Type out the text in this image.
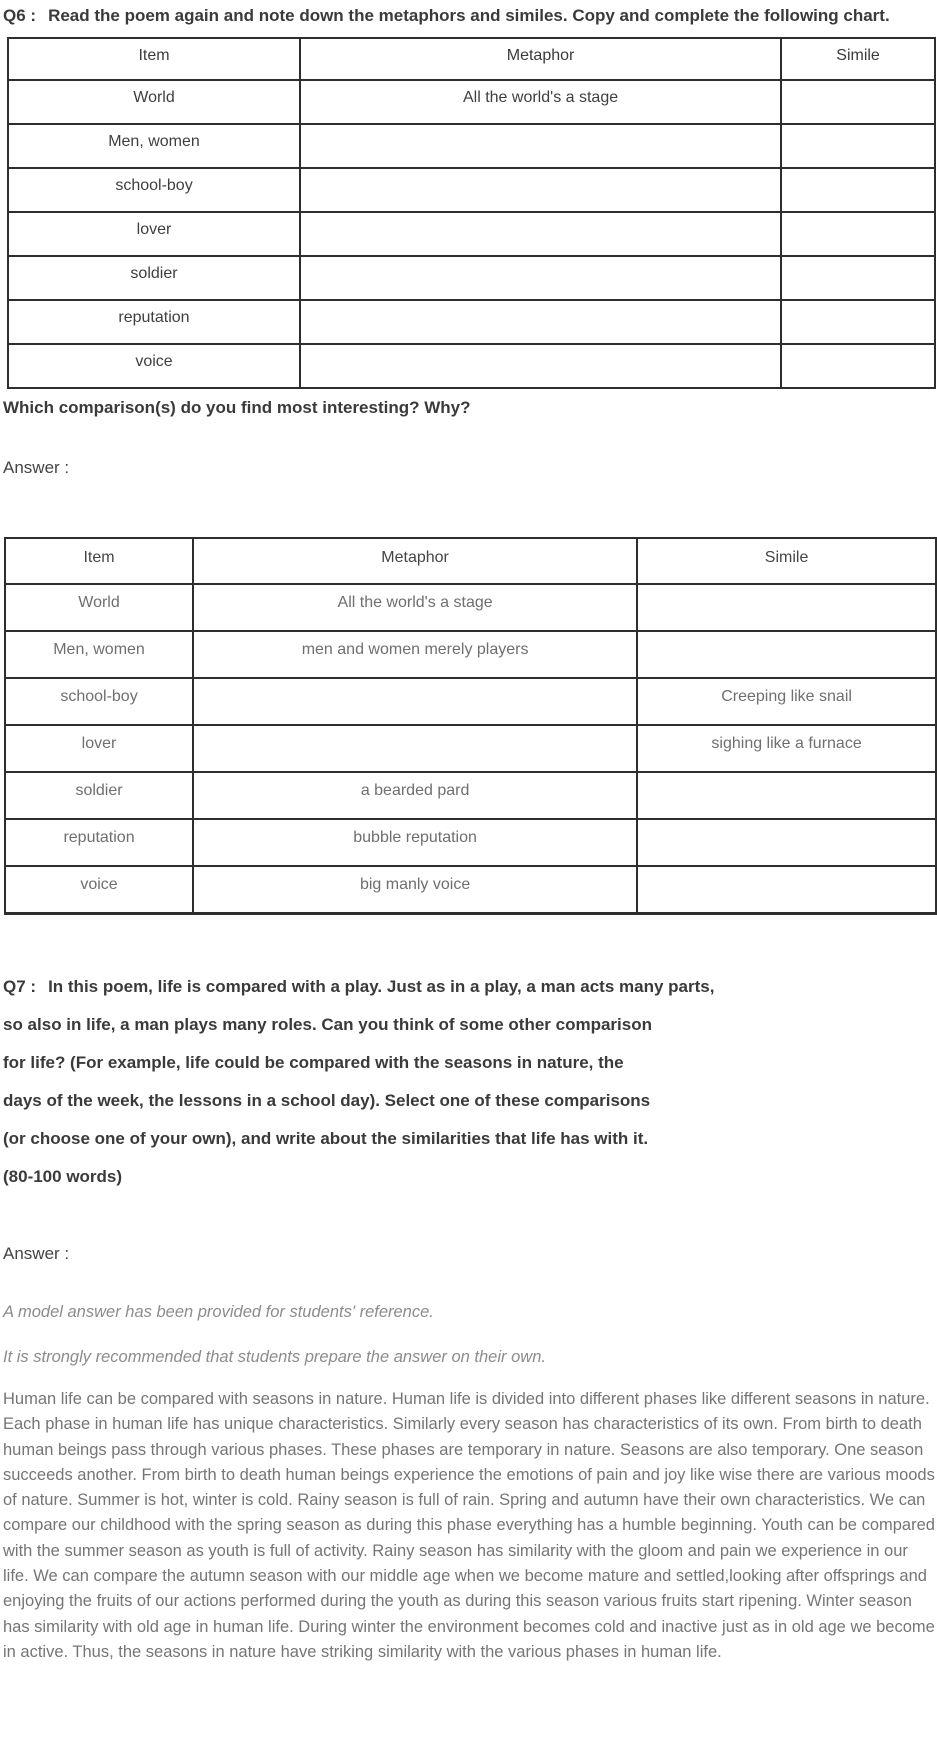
Q6 : Read the poem again and note down the metaphors and similes. Copy and complete the following chart.

Item	Metaphor	Simile
World	All the world's a stage	
Men, women		
school-boy		
lover		
soldier		
reputation		
voice		

Which comparison(s) do you find most interesting? Why?

Answer :

Item	Metaphor	Simile
World	All the world's a stage	
Men, women	men and women merely players	
school-boy		Creeping like snail
lover		sighing like a furnace
soldier	a bearded pard	
reputation	bubble reputation	
voice	big manly voice	

Q7 : In this poem, life is compared with a play. Just as in a play, a man acts many parts,

so also in life, a man plays many roles. Can you think of some other comparison

for life? (For example, life could be compared with the seasons in nature, the

days of the week, the lessons in a school day). Select one of these comparisons

(or choose one of your own), and write about the similarities that life has with it.

(80-100 words)

Answer :

A model answer has been provided for students' reference.

It is strongly recommended that students prepare the answer on their own.

Human life can be compared with seasons in nature. Human life is divided into different phases like different seasons in nature. Each phase in human life has unique characteristics. Similarly every season has characteristics of its own. From birth to death human beings pass through various phases. These phases are temporary in nature. Seasons are also temporary. One season succeeds another. From birth to death human beings experience the emotions of pain and joy like wise there are various moods of nature. Summer is hot, winter is cold. Rainy season is full of rain. Spring and autumn have their own characteristics. We can compare our childhood with the spring season as during this phase everything has a humble beginning. Youth can be compared with the summer season as youth is full of activity. Rainy season has similarity with the gloom and pain we experience in our life. We can compare the autumn season with our middle age when we become mature and settled,looking after offsprings and enjoying the fruits of our actions performed during the youth as during this season various fruits start ripening. Winter season has similarity with old age in human life. During winter the environment becomes cold and inactive just as in old age we become in active. Thus, the seasons in nature have striking similarity with the various phases in human life.
